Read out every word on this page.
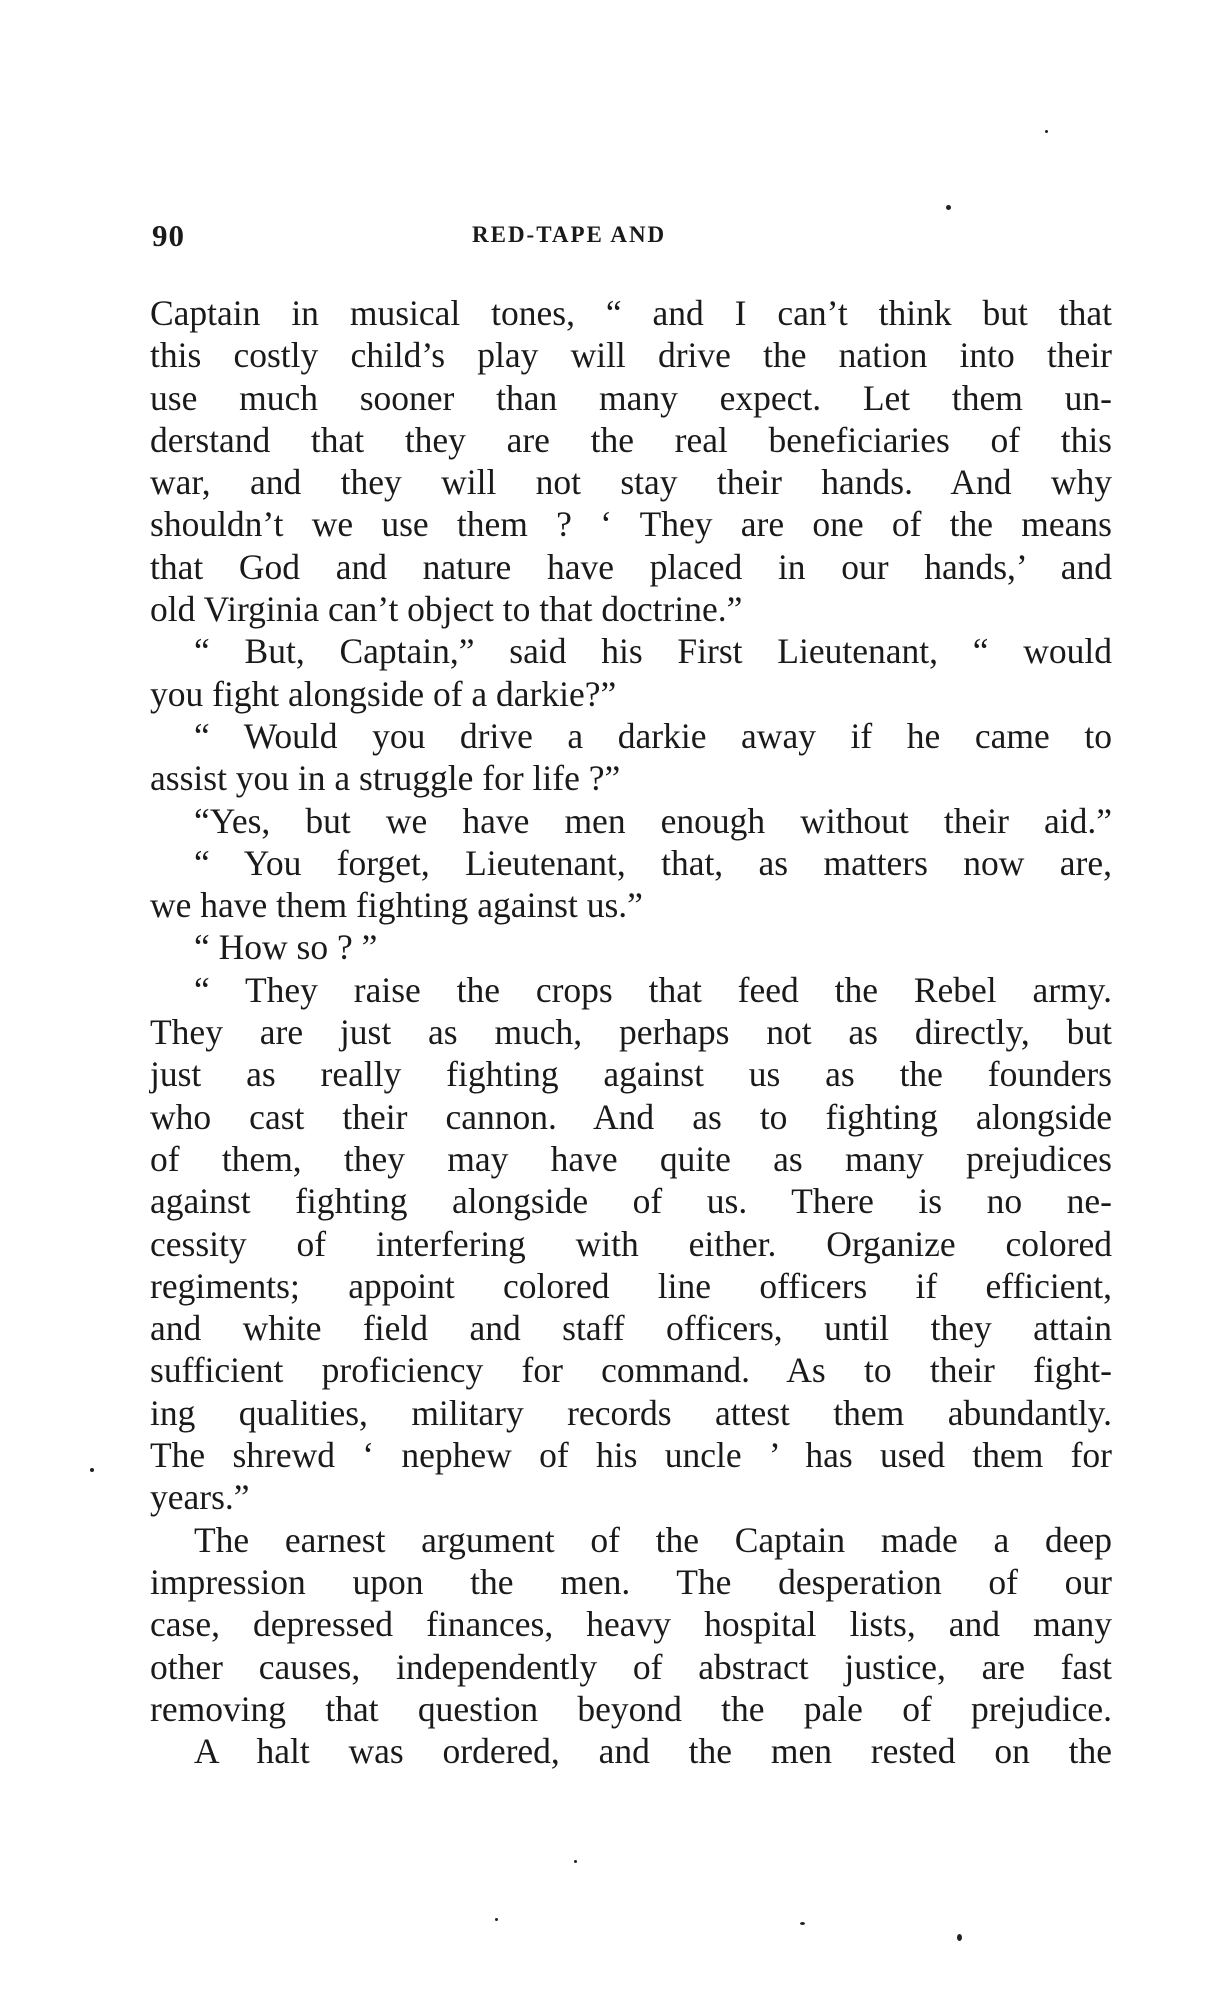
90	RED-TAPE AND
Captain in musical tones, “ and I can’t think but that
this costly child’s play will drive the nation into their
use much sooner than many expect. Let them un-
derstand that they are the real beneficiaries of this
war, and they will not stay their hands. And why
shouldn’t we use them ? ‘ They are one of the means
that God and nature have placed in our hands,’ and
old Virginia can’t object to that doctrine.”
“ But, Captain,” said his First Lieutenant, “ would
you fight alongside of a darkie?”
“ Would you drive a darkie away if he came to
assist you in a struggle for life ?”
“Yes, but we have men enough without their aid.”
“ You forget, Lieutenant, that, as matters now are,
we have them fighting against us.”
“ How so ? ”
“ They raise the crops that feed the Rebel army.
They are just as much, perhaps not as directly, but
just as really fighting against us as the founders
who cast their cannon. And as to fighting alongside
of them, they may have quite as many prejudices
against fighting alongside of us. There is no ne-
cessity of interfering with either. Organize colored
regiments; appoint colored line officers if efficient,
and white field and staff officers, until they attain
sufficient proficiency for command. As to their fight-
ing qualities, military records attest them abundantly.
The shrewd ‘ nephew of his uncle ’ has used them for
years.”
The earnest argument of the Captain made a deep
impression upon the men. The desperation of our
case, depressed finances, heavy hospital lists, and many
other causes, independently of abstract justice, are fast
removing that question beyond the pale of prejudice.
A halt was ordered, and the men rested on the
